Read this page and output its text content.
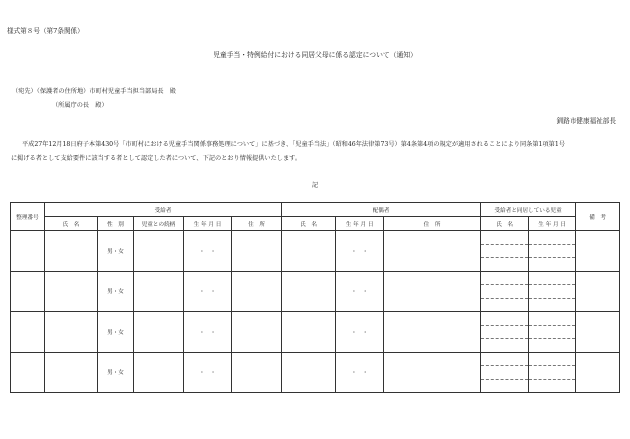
様式第８号（第7条関係）
児童手当・特例給付における同居父母に係る認定について（通知）
（宛先）（保護者の住所地）市町村児童手当担当部局長　殿
（所属庁の長　殿）
釧路市健康福祉部長
平成27年12月18日府子本第430号「市町村における児童手当関係事務処理について」に基づき、「児童手当法」（昭和46年法律第73号）第4条第4項の規定が適用されることにより同条第1項第1号
に掲げる者として支給要件に該当する者として認定した者について、下記のとおり情報提供いたします。
記
整理番号	受給者					配偶者			受給者と同居している児童		備　考
	氏　名	性　別	児童との続柄	生 年 月 日	住　所	氏　名	生 年 月 日	住　所	氏　名	生 年 月 日	
		男・女		・　・			・　・		

		男・女		・　・			・　・		

		男・女		・　・			・　・		

		男・女		・　・			・　・		
